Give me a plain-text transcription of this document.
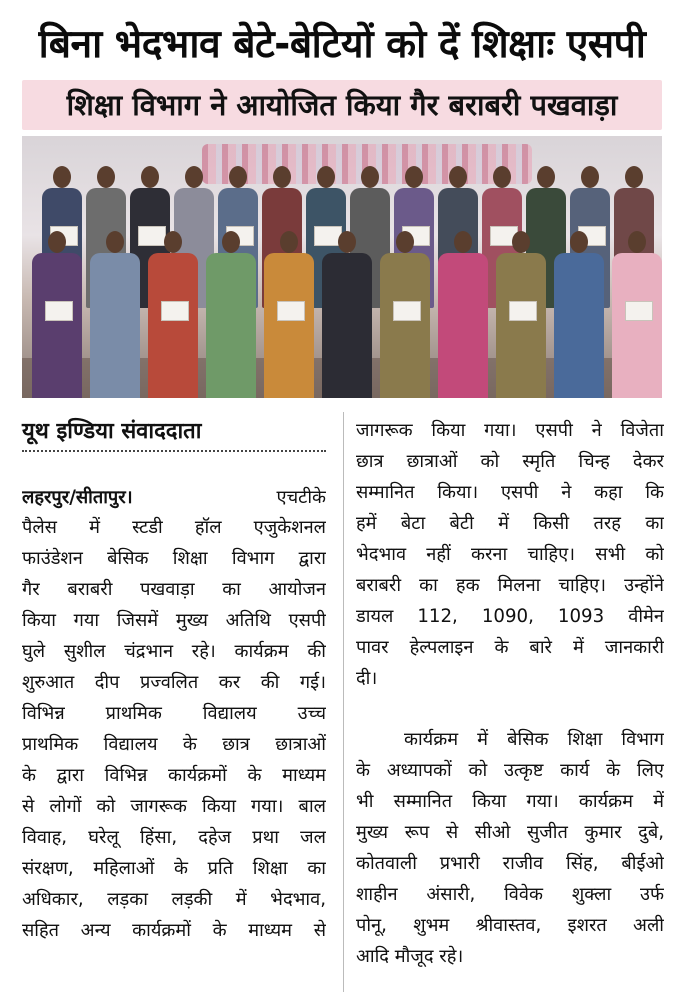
बिना भेदभाव बेटे-बेटियों को दें शिक्षाः एसपी
शिक्षा विभाग ने आयोजित किया गैर बराबरी पखवाड़ा
यूथ इण्डिया संवाददाता
लहरपुर/सीतापुर।	एचटीके
पैलेस में स्टडी हॉल एजुकेशनल
फाउंडेशन बेसिक शिक्षा विभाग द्वारा
गैर बराबरी पखवाड़ा का आयोजन
किया गया जिसमें मुख्य अतिथि एसपी
घुले सुशील चंद्रभान रहे। कार्यक्रम की
शुरुआत दीप प्रज्वलित कर की गई।
विभिन्न प्राथमिक विद्यालय उच्च
प्राथमिक विद्यालय के छात्र छात्राओं
के द्वारा विभिन्न कार्यक्रमों के माध्यम
से लोगों को जागरूक किया गया। बाल
विवाह, घरेलू हिंसा, दहेज प्रथा जल
संरक्षण, महिलाओं के प्रति शिक्षा का
अधिकार, लड़का लड़की में भेदभाव,
सहित अन्य कार्यक्रमों के माध्यम से
जागरूक किया गया। एसपी ने विजेता
छात्र छात्राओं को स्मृति चिन्ह देकर
सम्मानित किया। एसपी ने कहा कि
हमें बेटा बेटी में किसी तरह का
भेदभाव नहीं करना चाहिए। सभी को
बराबरी का हक मिलना चाहिए। उन्होंने
डायल 112, 1090, 1093 वीमेन
पावर हेल्पलाइन के बारे में जानकारी
दी।
कार्यक्रम में बेसिक शिक्षा विभाग
के अध्यापकों को उत्कृष्ट कार्य के लिए
भी सम्मानित किया गया। कार्यक्रम में
मुख्य रूप से सीओ सुजीत कुमार दुबे,
कोतवाली प्रभारी राजीव सिंह, बीईओ
शाहीन अंसारी, विवेक शुक्ला उर्फ
पोनू, शुभम श्रीवास्तव, इशरत अली
आदि मौजूद रहे।
